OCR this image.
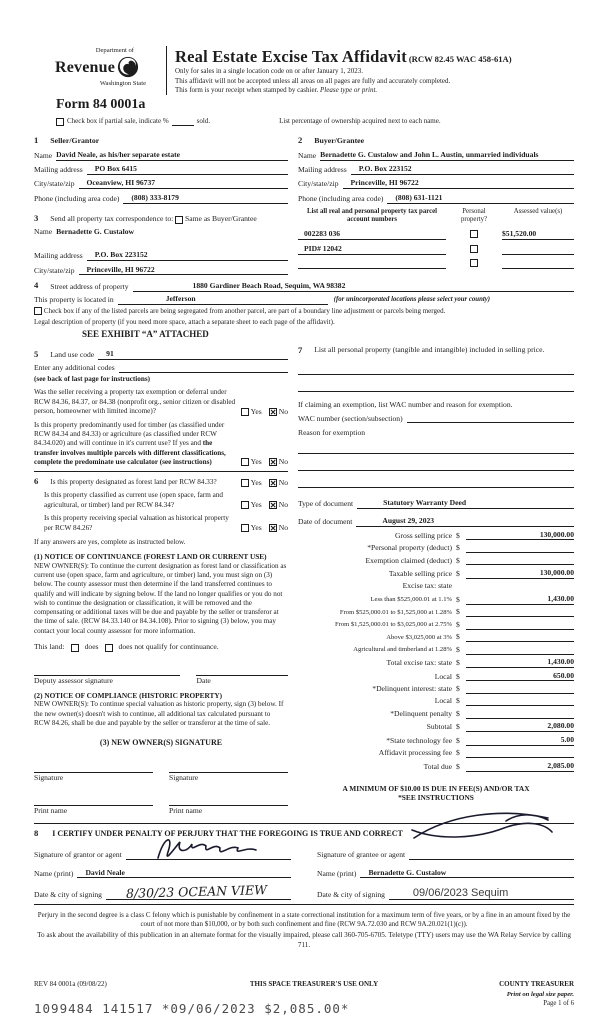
Department of
Revenue
Washington State
Real Estate Excise Tax Affidavit (RCW 82.45 WAC 458-61A)
Only for sales in a single location code on or after January 1, 2023.
This affidavit will not be accepted unless all areas on all pages are fully and accurately completed.
This form is your receipt when stamped by cashier. Please type or print.
Form 84 0001a
Check box if partial sale, indicate %	sold.	List percentage of ownership acquired next to each name.
1 Seller/Grantor
Name David Neale, as his/her separate estate
Mailing address	PO Box 6415
City/state/zip	Oceanview, HI 96737
Phone (including area code)	(808) 333-8179
3 Send all property tax correspondence to:

Same as Buyer/Grantee
Name Bernadette G. Custalow
Mailing address	P.O. Box 223152
City/state/zip	Princeville, HI 96722
2 Buyer/Grantee
Name Bernadette G. Custalow and John L. Austin, unmarried individuals
Mailing address	P.O. Box 223152
City/state/zip	Princeville, HI 96722
Phone (including area code)	(808) 631-1121
List all real and personal property tax parcel account numbers
Personal property?
Assessed value(s)
002283 036	$51,520.00
PID# 12042
4 Street address of property	1880 Gardiner Beach Road, Sequim, WA 98382
This property is located in	Jefferson	(for unincorporated locations please select your county)

Check box if any of the listed parcels are being segregated from another parcel, are part of a boundary line adjustment or parcels being merged.
Legal description of property (if you need more space, attach a separate sheet to each page of the affidavit).
SEE EXHIBIT “A” ATTACHED
5 Land use code	91
Enter any additional codes
(see back of last page for instructions)
Was the seller receiving a property tax exemption or deferral under RCW 84.36, 84.37, or 84.38 (nonprofit org., senior citizen or disabled person, homeowner with limited income)?	Yes ✕ No
Is this property predominantly used for timber (as classified under RCW 84.34 and 84.33) or agriculture (as classified under RCW 84.34.020) and will continue in it's current use? If yes and the transfer involves multiple parcels with different classifications, complete the predominate use calculator (see instructions)	Yes ✕ No
6 Is this property designated as forest land per RCW 84.33?	Yes ✕ No
Is this property classified as current use (open space, farm and agricultural, or timber) land per RCW 84.34?	Yes ✕ No
Is this property receiving special valuation as historical property per RCW 84.26?	Yes ✕ No
If any answers are yes, complete as instructed below.
(1) NOTICE OF CONTINUANCE (FOREST LAND OR CURRENT USE)
NEW OWNER(S): To continue the current designation as forest land or classification as current use (open space, farm and agriculture, or timber) land, you must sign on (3) below. The county assessor must then determine if the land transferred continues to qualify and will indicate by signing below. If the land no longer qualifies or you do not wish to continue the designation or classification, it will be removed and the compensating or additional taxes will be due and payable by the seller or transferor at the time of sale. (RCW 84.33.140 or 84.34.108). Prior to signing (3) below, you may contact your local county assessor for more information.
This land:	does	does not qualify for continuance.
Deputy assessor signature	Date
(2) NOTICE OF COMPLIANCE (HISTORIC PROPERTY)
NEW OWNER(S): To continue special valuation as historic property, sign (3) below. If the new owner(s) doesn't wish to continue, all additional tax calculated pursuant to RCW 84.26, shall be due and payable by the seller or transferor at the time of sale.
(3) NEW OWNER(S) SIGNATURE
Signature	Signature
Print name	Print name
7 List all personal property (tangible and intangible) included in selling price.
If claiming an exemption, list WAC number and reason for exemption.
WAC number (section/subsection)
Reason for exemption
Type of document	Statutory Warranty Deed
Date of document	August 29, 2023
Gross selling price $	130,000.00
*Personal property (deduct) $
Exemption claimed (deduct) $
Taxable selling price $	130,000.00
Excise tax: state
Less than $525,000.01 at 1.1% $	1,430.00
From $525,000.01 to $1,525,000 at 1.28% $
From $1,525,000.01 to $3,025,000 at 2.75% $
Above $3,025,000 at 3% $
Agricultural and timberland at 1.28% $
Total excise tax: state $	1,430.00
Local $	650.00
*Delinquent interest: state $
Local $
*Delinquent penalty $
Subtotal $	2,080.00
*State technology fee $	5.00
Affidavit processing fee $
Total due $	2,085.00
A MINIMUM OF $10.00 IS DUE IN FEE(S) AND/OR TAX
*SEE INSTRUCTIONS
8 I CERTIFY UNDER PENALTY OF PERJURY THAT THE FOREGOING IS TRUE AND CORRECT
Signature of grantor or agent	Signature of grantee or agent
Name (print)	David Neale	Name (print)	Bernadette G. Custalow
Date & city of signing	8/30/23 OCEAN VIEW	Date & city of signing	09/06/2023 Sequim
Perjury in the second degree is a class C felony which is punishable by confinement in a state correctional institution for a maximum term of five years, or by a fine in an amount fixed by the court of not more than $10,000, or by both such confinement and fine (RCW 9A.72.030 and RCW 9A.20.021(1)(c)).
To ask about the availability of this publication in an alternate format for the visually impaired, please call 360-705-6705. Teletype (TTY) users may use the WA Relay Service by calling 711.
REV 84 0001a (09/08/22)	THIS SPACE TREASURER'S USE ONLY	COUNTY TREASURER
Print on legal size paper.
Page 1 of 6
1099484 141517 *09/06/2023 $2,085.00*
